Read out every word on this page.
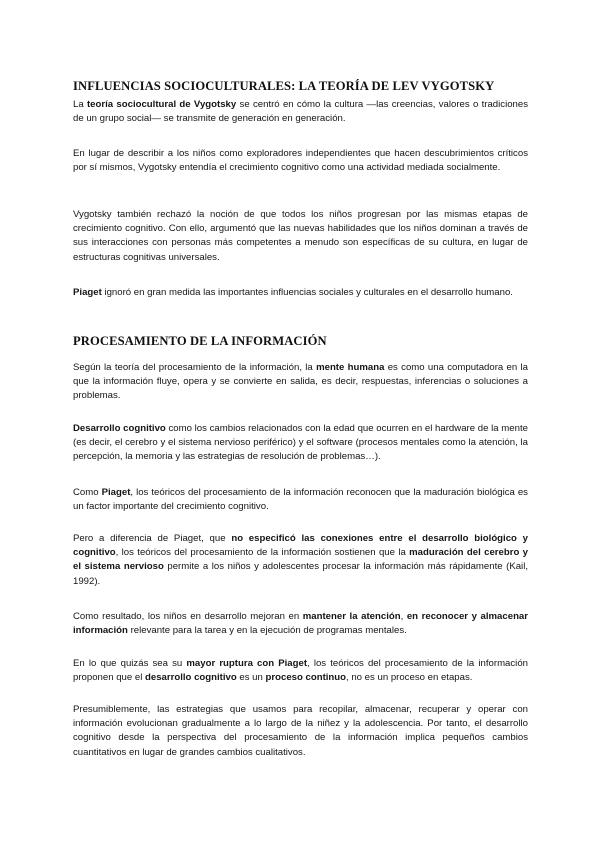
INFLUENCIAS SOCIOCULTURALES: LA TEORÍA DE LEV VYGOTSKY

La teoría sociocultural de Vygotsky se centró en cómo la cultura —las creencias, valores o tradiciones de un grupo social— se transmite de generación en generación.

En lugar de describir a los niños como exploradores independientes que hacen descubrimientos críticos por sí mismos, Vygotsky entendía el crecimiento cognitivo como una actividad mediada socialmente.

Vygotsky también rechazó la noción de que todos los niños progresan por las mismas etapas de crecimiento cognitivo. Con ello, argumentó que las nuevas habilidades que los niños dominan a través de sus interacciones con personas más competentes a menudo son específicas de su cultura, en lugar de estructuras cognitivas universales.

Piaget ignoró en gran medida las importantes influencias sociales y culturales en el desarrollo humano.

PROCESAMIENTO DE LA INFORMACIÓN

Según la teoría del procesamiento de la información, la mente humana es como una computadora en la que la información fluye, opera y se convierte en salida, es decir, respuestas, inferencias o soluciones a problemas.

Desarrollo cognitivo como los cambios relacionados con la edad que ocurren en el hardware de la mente (es decir, el cerebro y el sistema nervioso periférico) y el software (procesos mentales como la atención, la percepción, la memoria y las estrategias de resolución de problemas…).

Como Piaget, los teóricos del procesamiento de la información reconocen que la maduración biológica es un factor importante del crecimiento cognitivo.

Pero a diferencia de Piaget, que no especificó las conexiones entre el desarrollo biológico y cognitivo, los teóricos del procesamiento de la información sostienen que la maduración del cerebro y el sistema nervioso permite a los niños y adolescentes procesar la información más rápidamente (Kail, 1992).

Como resultado, los niños en desarrollo mejoran en mantener la atención, en reconocer y almacenar información relevante para la tarea y en la ejecución de programas mentales.

En lo que quizás sea su mayor ruptura con Piaget, los teóricos del procesamiento de la información proponen que el desarrollo cognitivo es un proceso continuo, no es un proceso en etapas.

Presumiblemente, las estrategias que usamos para recopilar, almacenar, recuperar y operar con información evolucionan gradualmente a lo largo de la niñez y la adolescencia. Por tanto, el desarrollo cognitivo desde la perspectiva del procesamiento de la información implica pequeños cambios cuantitativos en lugar de grandes cambios cualitativos.
